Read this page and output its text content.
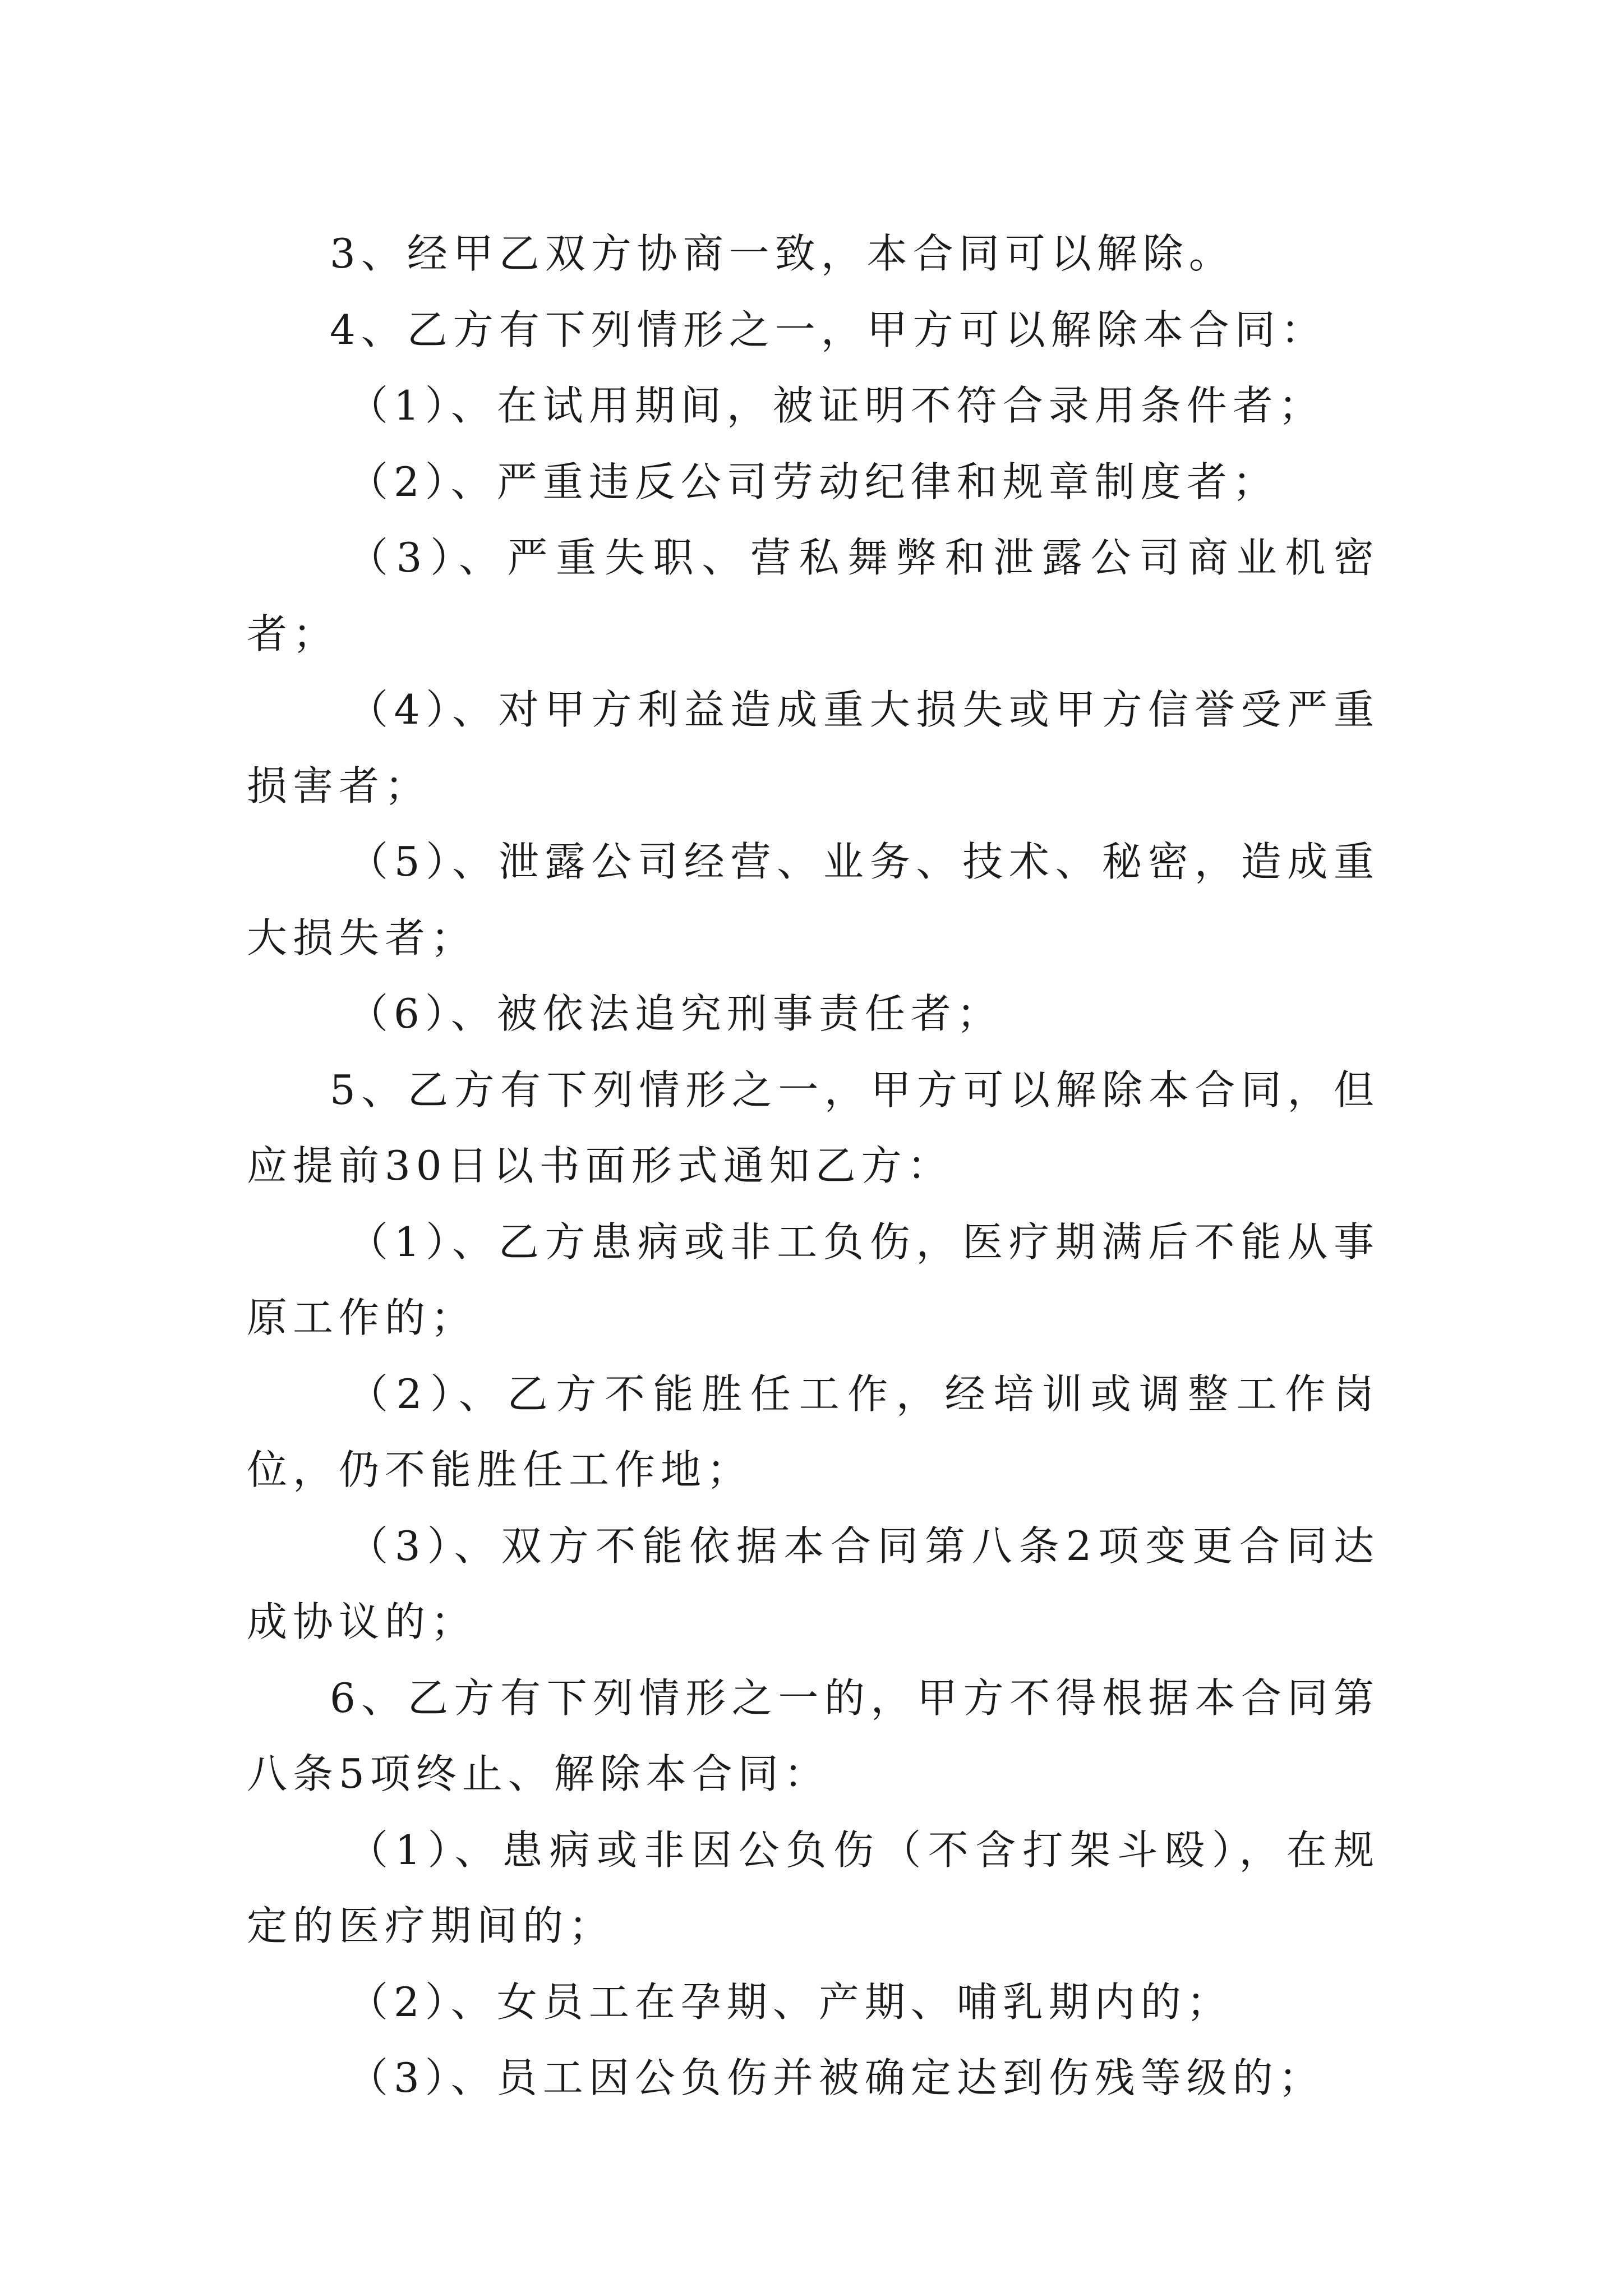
3、经甲乙双方协商一致，本合同可以解除。

4、乙方有下列情形之一，甲方可以解除本合同：

（1）、在试用期间，被证明不符合录用条件者；

（2）、严重违反公司劳动纪律和规章制度者；

（3）、严重失职、营私舞弊和泄露公司商业机密者；

（4）、对甲方利益造成重大损失或甲方信誉受严重损害者；

（5）、泄露公司经营、业务、技术、秘密，造成重大损失者；

（6）、被依法追究刑事责任者；

5、乙方有下列情形之一，甲方可以解除本合同，但应提前30日以书面形式通知乙方：

（1）、乙方患病或非工负伤，医疗期满后不能从事原工作的；

（2）、乙方不能胜任工作，经培训或调整工作岗位，仍不能胜任工作地；

（3）、双方不能依据本合同第八条2项变更合同达成协议的；

6、乙方有下列情形之一的，甲方不得根据本合同第八条5项终止、解除本合同：

（1）、患病或非因公负伤（不含打架斗殴），在规定的医疗期间的；

（2）、女员工在孕期、产期、哺乳期内的；

（3）、员工因公负伤并被确定达到伤残等级的；
